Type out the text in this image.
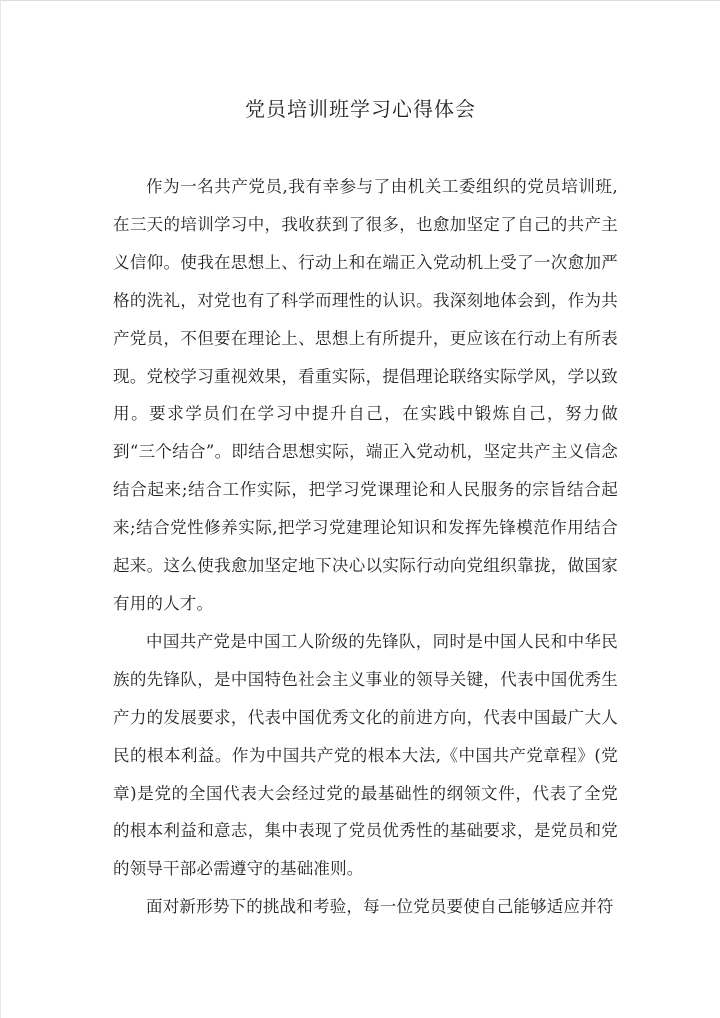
党员培训班学习心得体会

作为一名共产党员,我有幸参与了由机关工委组织的党员培训班,在三天的培训学习中，我收获到了很多，也愈加坚定了自己的共产主义信仰。使我在思想上、行动上和在端正入党动机上受了一次愈加严格的洗礼，对党也有了科学而理性的认识。我深刻地体会到，作为共产党员，不但要在理论上、思想上有所提升，更应该在行动上有所表现。党校学习重视效果，看重实际，提倡理论联络实际学风，学以致用。要求学员们在学习中提升自己，在实践中锻炼自己，努力做到“三个结合”。即结合思想实际，端正入党动机，坚定共产主义信念结合起来;结合工作实际，把学习党课理论和人民服务的宗旨结合起来;结合党性修养实际,把学习党建理论知识和发挥先锋模范作用结合起来。这么使我愈加坚定地下决心以实际行动向党组织靠拢，做国家有用的人才。

中国共产党是中国工人阶级的先锋队，同时是中国人民和中华民族的先锋队，是中国特色社会主义事业的领导关键，代表中国优秀生产力的发展要求，代表中国优秀文化的前进方向，代表中国最广大人民的根本利益。作为中国共产党的根本大法,《中国共产党章程》(党章)是党的全国代表大会经过党的最基础性的纲领文件，代表了全党的根本利益和意志，集中表现了党员优秀性的基础要求，是党员和党的领导干部必需遵守的基础准则。

面对新形势下的挑战和考验，每一位党员要使自己能够适应并符
